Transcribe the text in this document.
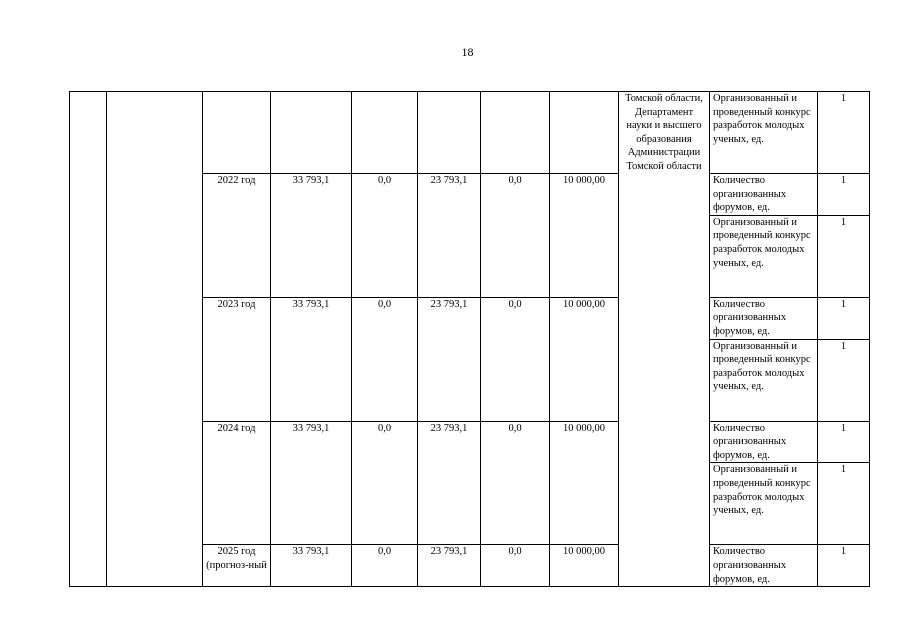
18
								Томской области, Департамент науки и высшего образования Администрации Томской области	Организованный и проведенный конкурс разработок молодых ученых, ед.	1
		2022 год	33 793,1	0,0	23 793,1	0,0	10 000,00		Количество организованных форумов, ед.	1
									Организованный и проведенный конкурс разработок молодых ученых, ед.	1
		2023 год	33 793,1	0,0	23 793,1	0,0	10 000,00		Количество организованных форумов, ед.	1
									Организованный и проведенный конкурс разработок молодых ученых, ед.	1
		2024 год	33 793,1	0,0	23 793,1	0,0	10 000,00		Количество организованных форумов, ед.	1
									Организованный и проведенный конкурс разработок молодых ученых, ед.	1
		2025 год (прогноз-ный	33 793,1	0,0	23 793,1	0,0	10 000,00		Количество организованных форумов, ед.	1
